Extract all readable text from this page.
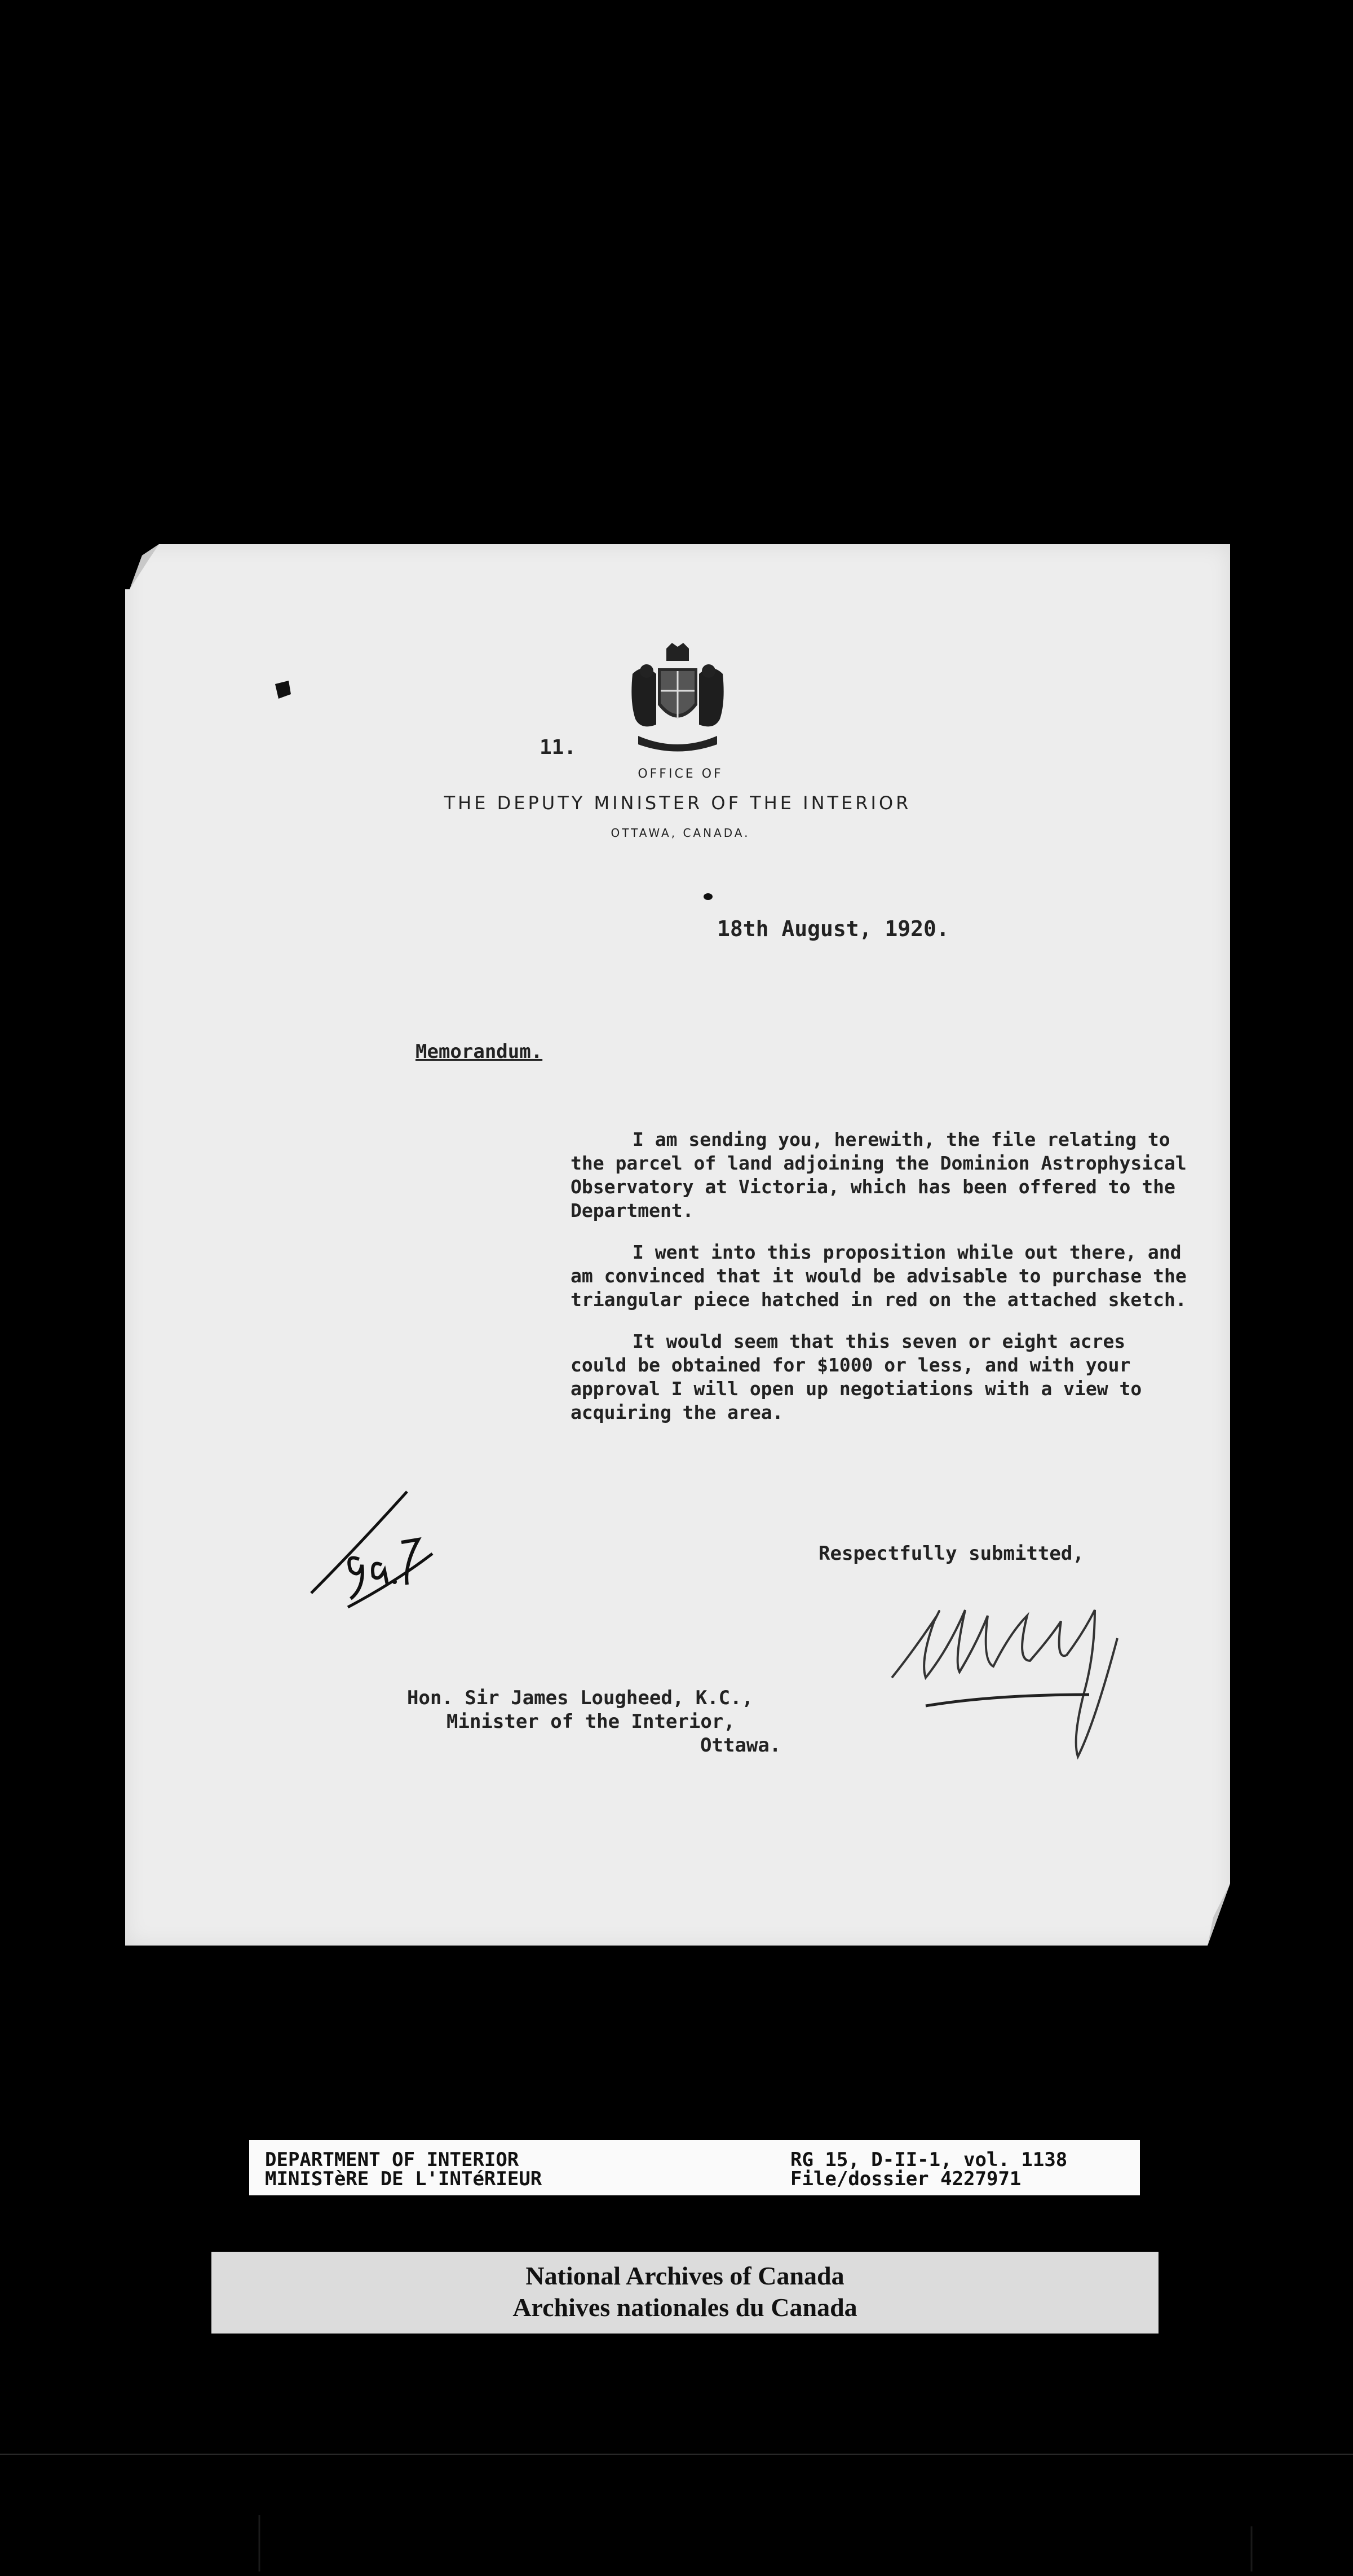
11.
OFFICE OF
THE DEPUTY MINISTER OF THE INTERIOR
OTTAWA, CANADA.
18th August, 1920.
Memorandum.

I am sending you, herewith, the file relating to the parcel of land adjoining the Dominion Astrophysical Observatory at Victoria, which has been offered to the Department.

I went into this proposition while out there, and am convinced that it would be advisable to purchase the triangular piece hatched in red on the attached sketch.

It would seem that this seven or eight acres could be obtained for $1000 or less, and with your approval I will open up negotiations with a view to acquiring the area.

Respectfully submitted,
Hon. Sir James Lougheed, K.C.,
Minister of the Interior,
Ottawa.
DEPARTMENT OF INTERIOR
MINISTèRE DE L'INTéRIEUR
RG 15, D-II-1, vol. 1138
File/dossier 4227971
National Archives of Canada
Archives nationales du Canada
